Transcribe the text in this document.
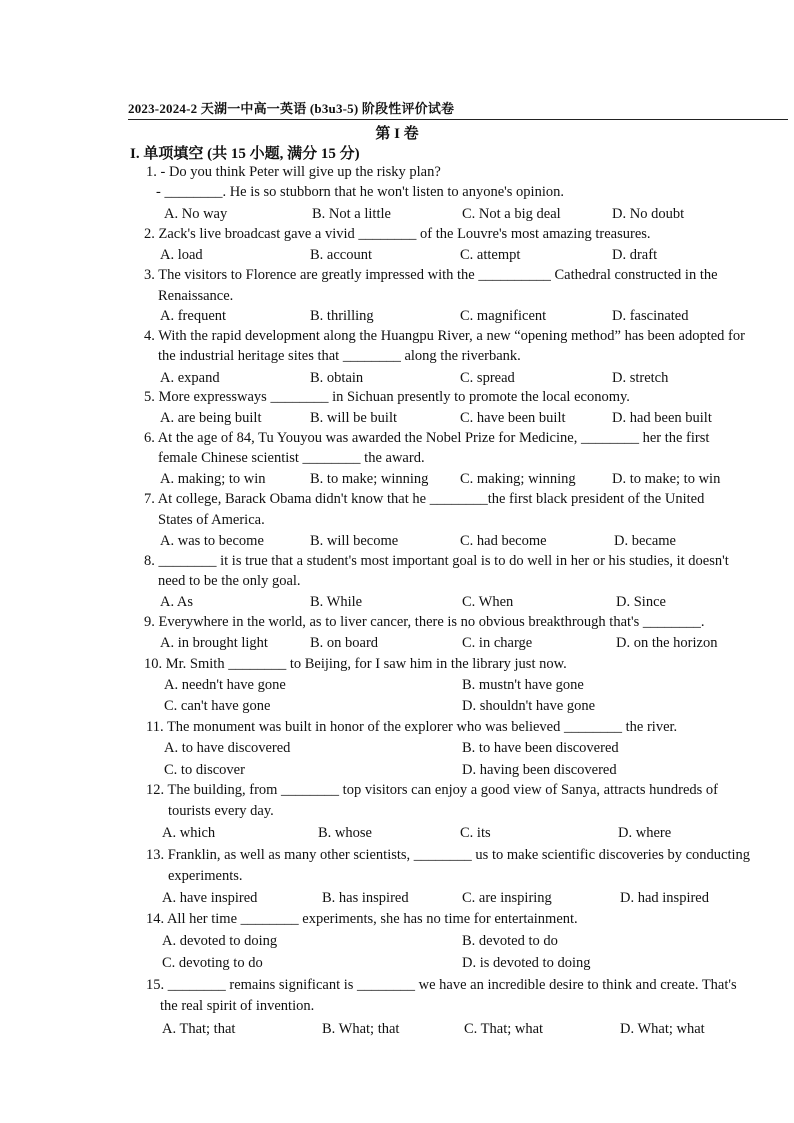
2023-2024-2 天湖一中高一英语 (b3u3-5) 阶段性评价试卷
第 I 卷
I. 单项填空 (共 15 小题, 满分 15 分)
1. - Do you think Peter will give up the risky plan?
- ________. He is so stubborn that he won't listen to anyone's opinion.
A. No way	B. Not a little	C. Not a big deal	D. No doubt
2. Zack's live broadcast gave a vivid ________ of the Louvre's most amazing treasures.
A. load	B. account	C. attempt	D. draft
3. The visitors to Florence are greatly impressed with the __________ Cathedral constructed in the
Renaissance.
A. frequent	B. thrilling	C. magnificent	D. fascinated
4. With the rapid development along the Huangpu River, a new “opening method” has been adopted for
the industrial heritage sites that ________ along the riverbank.
A. expand	B. obtain	C. spread	D. stretch
5. More expressways ________ in Sichuan presently to promote the local economy.
A. are being built	B. will be built	C. have been built	D. had been built
6. At the age of 84, Tu Youyou was awarded the Nobel Prize for Medicine, ________ her the first
female Chinese scientist ________ the award.
A. making; to win	B. to make; winning C. making; winning	D. to make; to win
7. At college, Barack Obama didn't know that he ________the first black president of the United
States of America.
A. was to become	B. will become	C. had become	D. became
8. ________ it is true that a student's most important goal is to do well in her or his studies, it doesn't
need to be the only goal.
A. As	B. While	C. When	D. Since
9. Everywhere in the world, as to liver cancer, there is no obvious breakthrough that's ________.
A. in brought light	B. on board	C. in charge	D. on the horizon
10. Mr. Smith ________ to Beijing, for I saw him in the library just now.
A. needn't have gone	B. mustn't have gone
C. can't have gone	D. shouldn't have gone
11. The monument was built in honor of the explorer who was believed ________ the river.
A. to have discovered	B. to have been discovered
C. to discover	D. having been discovered
12. The building, from ________ top visitors can enjoy a good view of Sanya, attracts hundreds of
tourists every day.
A. which	B. whose	C. its	D. where
13. Franklin, as well as many other scientists, ________ us to make scientific discoveries by conducting
experiments.
A. have inspired	B. has inspired	C. are inspiring	D. had inspired
14. All her time ________ experiments, she has no time for entertainment.
A. devoted to doing	B. devoted to do
C. devoting to do	D. is devoted to doing
15. ________ remains significant is ________ we have an incredible desire to think and create. That's
the real spirit of invention.
A. That; that	B. What; that	C. That; what	D. What; what
